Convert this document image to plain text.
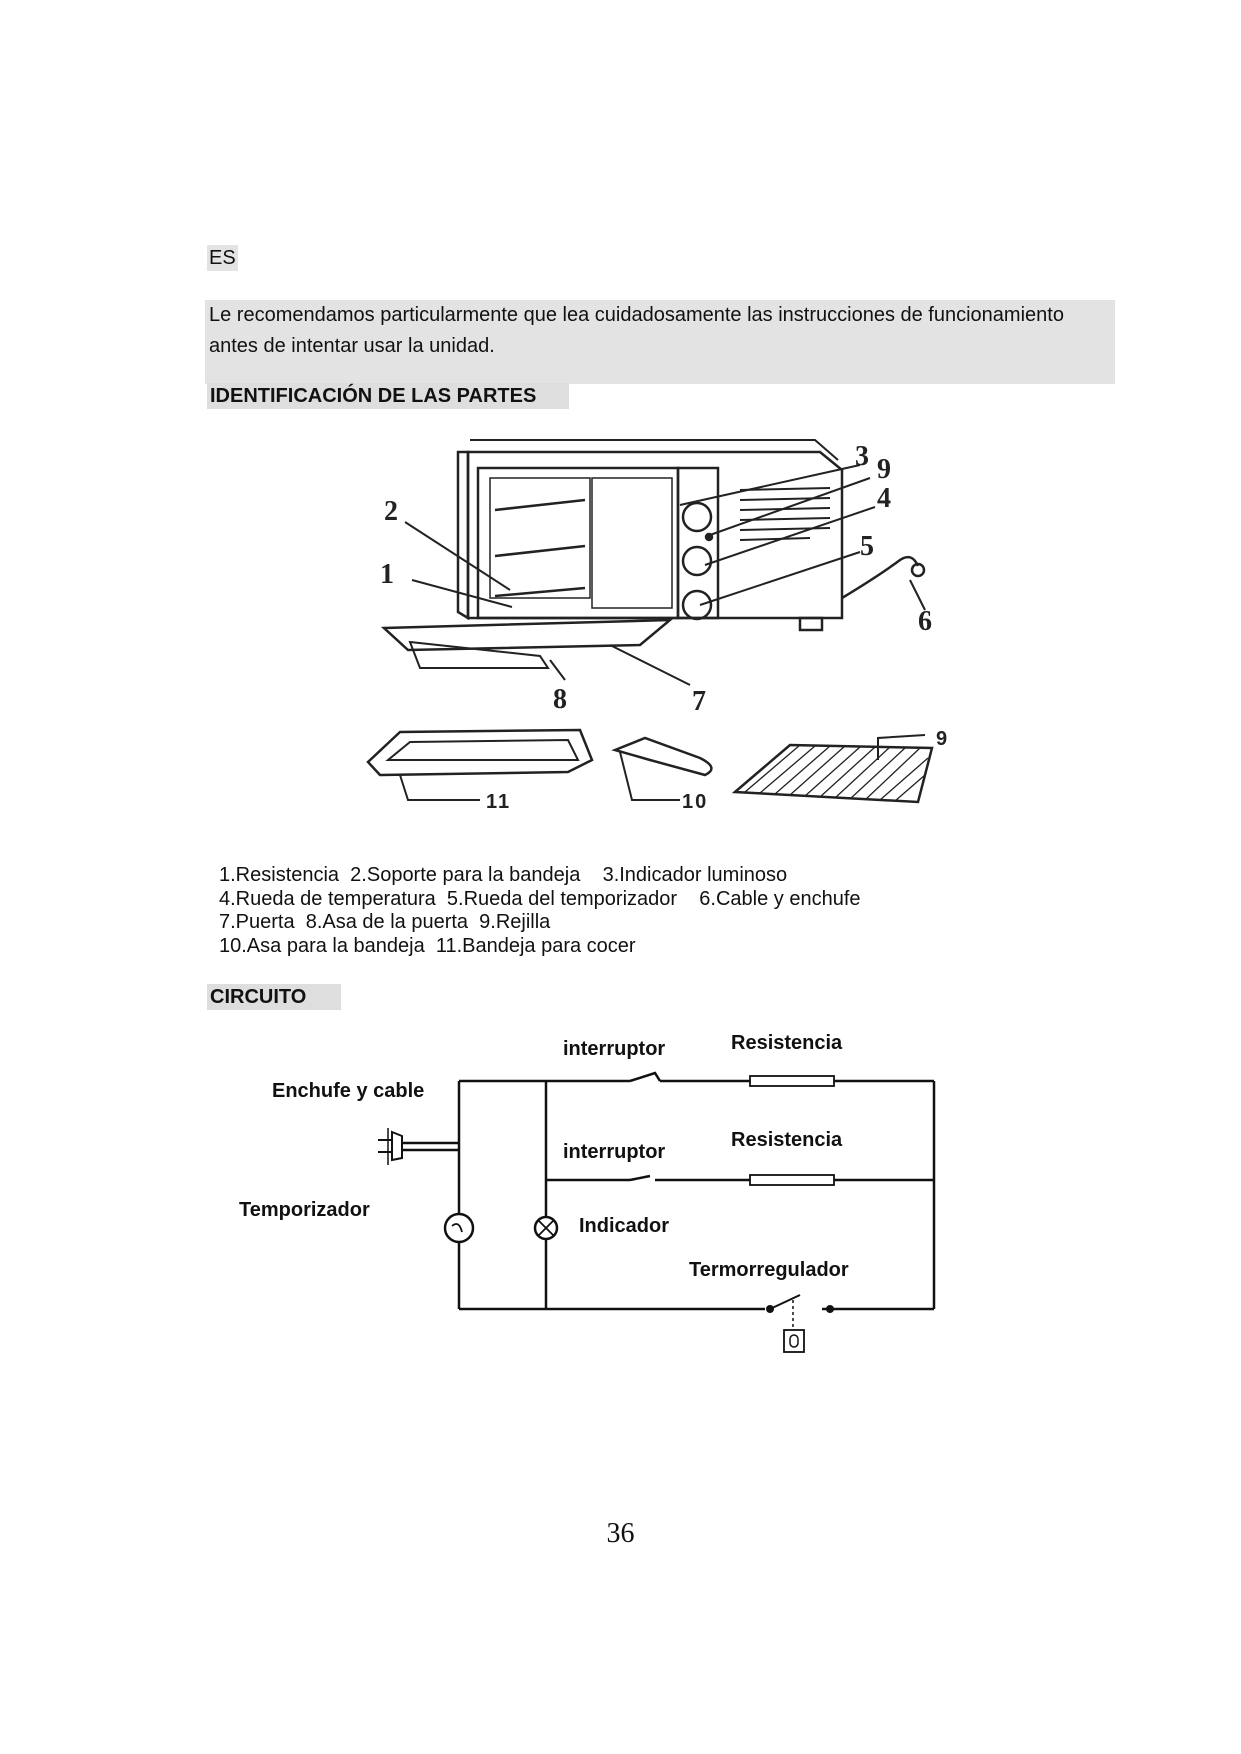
ES

Le recomendamos particularmente que lea cuidadosamente las instrucciones de funcionamiento

antes de intentar usar la unidad.

IDENTIFICACIÓN DE LAS PARTES
2
1
3 9
4
5
6
8	7
9
10
11
1.Resistencia  2.Soporte para la bandeja    3.Indicador luminoso
4.Rueda de temperatura  5.Rueda del temporizador    6.Cable y enchufe
7.Puerta  8.Asa de la puerta  9.Rejilla
10.Asa para la bandeja  11.Bandeja para cocer
CIRCUITO
interruptor	Resistencia
Enchufe y cable
interruptor
Resistencia
Temporizador
Indicador
Termorregulador
36
